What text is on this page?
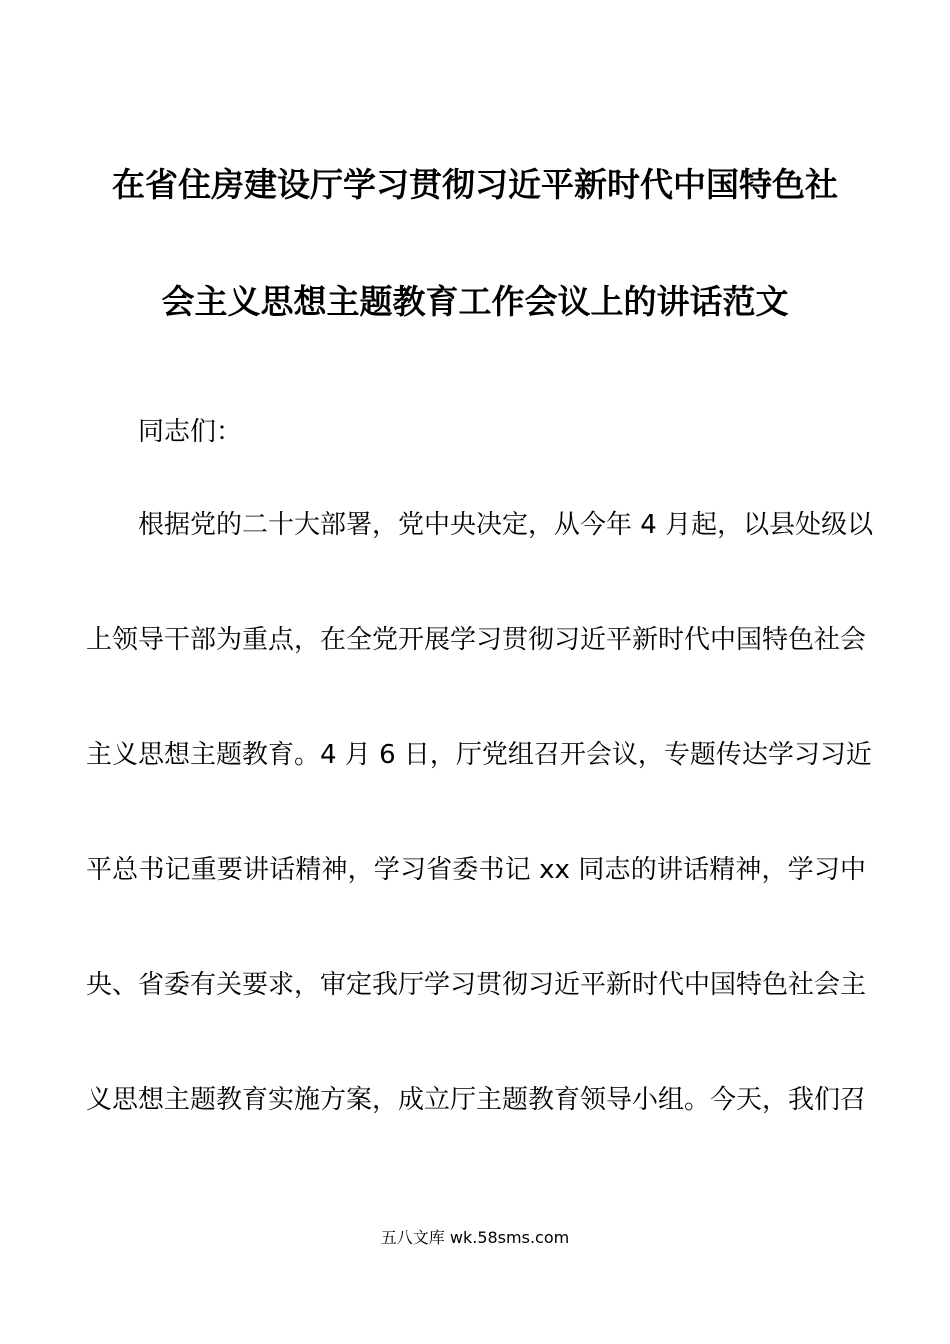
在省住房建设厅学习贯彻习近平新时代中国特色社
会主义思想主题教育工作会议上的讲话范文
同志们：
根据党的二十大部署，党中央决定，从今年 4 月起，以县处级以
上领导干部为重点，在全党开展学习贯彻习近平新时代中国特色社会
主义思想主题教育。4 月 6 日，厅党组召开会议，专题传达学习习近
平总书记重要讲话精神，学习省委书记 xx 同志的讲话精神，学习中
央、省委有关要求，审定我厅学习贯彻习近平新时代中国特色社会主
义思想主题教育实施方案，成立厅主题教育领导小组。今天，我们召
五八文库 wk.58sms.com
